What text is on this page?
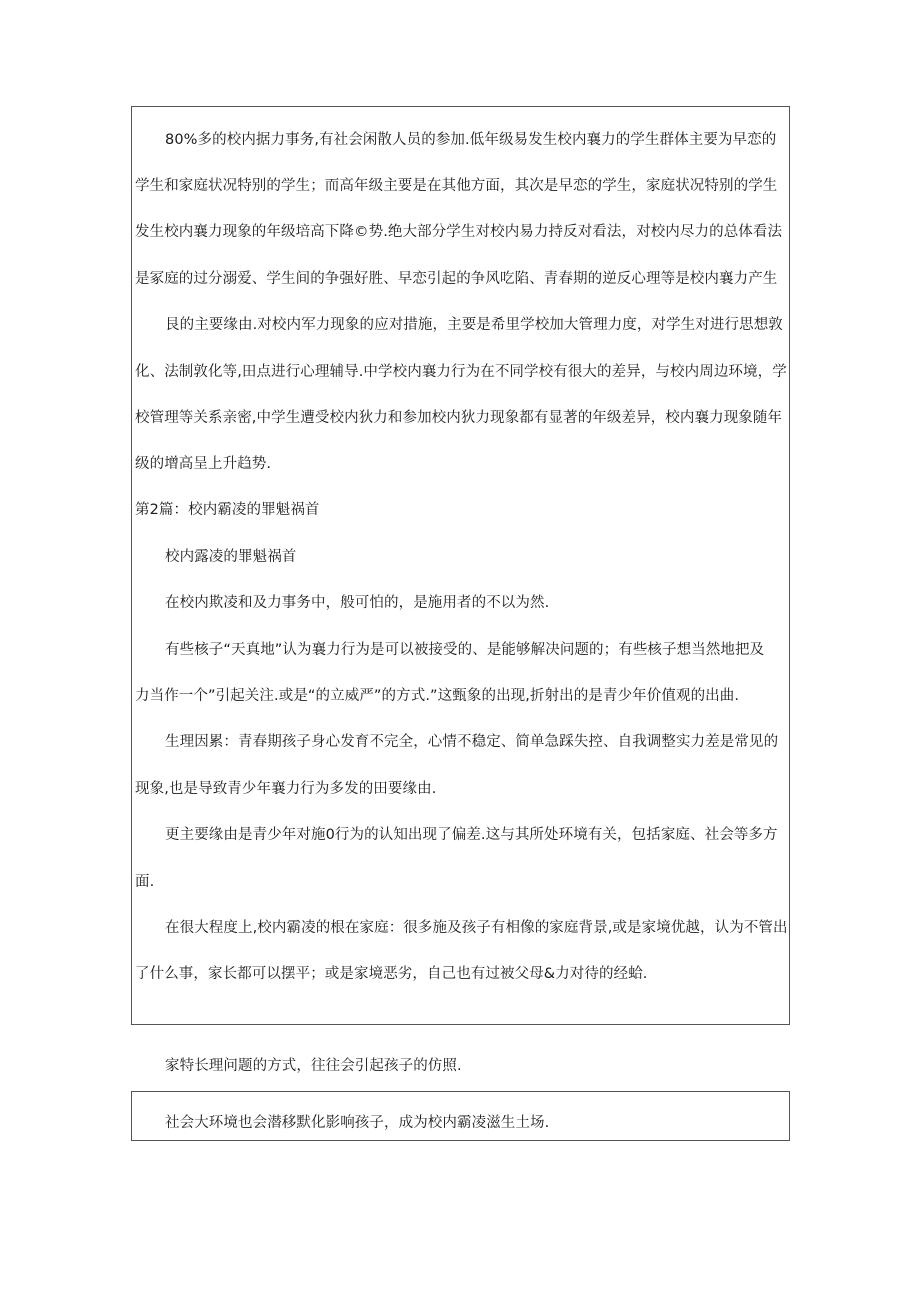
80%多的校内据力事务,有社会闲散人员的参加.低年级易发生校内襄力的学生群体主要为早恋的
学生和家庭状况特别的学生；而高年级主要是在其他方面，其次是早恋的学生，家庭状况特别的学生
发生校内襄力现象的年级培高下降©势.绝大部分学生对校内易力持反对看法，对校内尽力的总体看法
是冢庭的过分溺爱、学生间的争强好胜、早恋引起的争风吃陷、青春期的逆反心理等是校内襄力产生
艮的主要缘由.对校内军力现象的应对措施，主要是希里学校加大管理力度，对学生对进行思想敦
化、法制敦化等,田点进行心理辅导.中学校内襄力行为在不同学校有很大的差异，与校内周边环境，学
校管理等关系亲密,中学生遭受校内狄力和参加校内狄力现象都有显著的年级差异，校内襄力现象随年
级的增高呈上升趋势.
第2篇：校内霸凌的罪魁祸首
校内露凌的罪魁祸首
在校内欺凌和及力事务中，般可怕的，是施用者的不以为然.
有些核子“天真地”认为襄力行为是可以被接受的、是能够解决问题的；有些核子想当然地把及
力当作一个”引起关注.或是“的立威严”的方式.”这甄象的出现,折射出的是青少年价值观的出曲.
生理因累：青春期孩子身心发育不完全，心情不稳定、简单急踩失控、自我调整实力差是常见的
现象,也是导致青少年襄力行为多发的田要缘由.
更主要缘由是青少年对施0行为的认知出现了偏差.这与其所处环境有关，包括家庭、社会等多方
面.
在很大程度上,校内霸凌的根在家庭：很多施及孩子有相像的家庭背景,或是家境优越，认为不管出
了什么事，家长都可以摆平；或是家境恶劣，自己也有过被父母&力对待的经蛤.
家特长理问题的方式，往往会引起孩子的仿照.
社会大环境也会潜移默化影响孩子，成为校内霸凌滋生土场.
